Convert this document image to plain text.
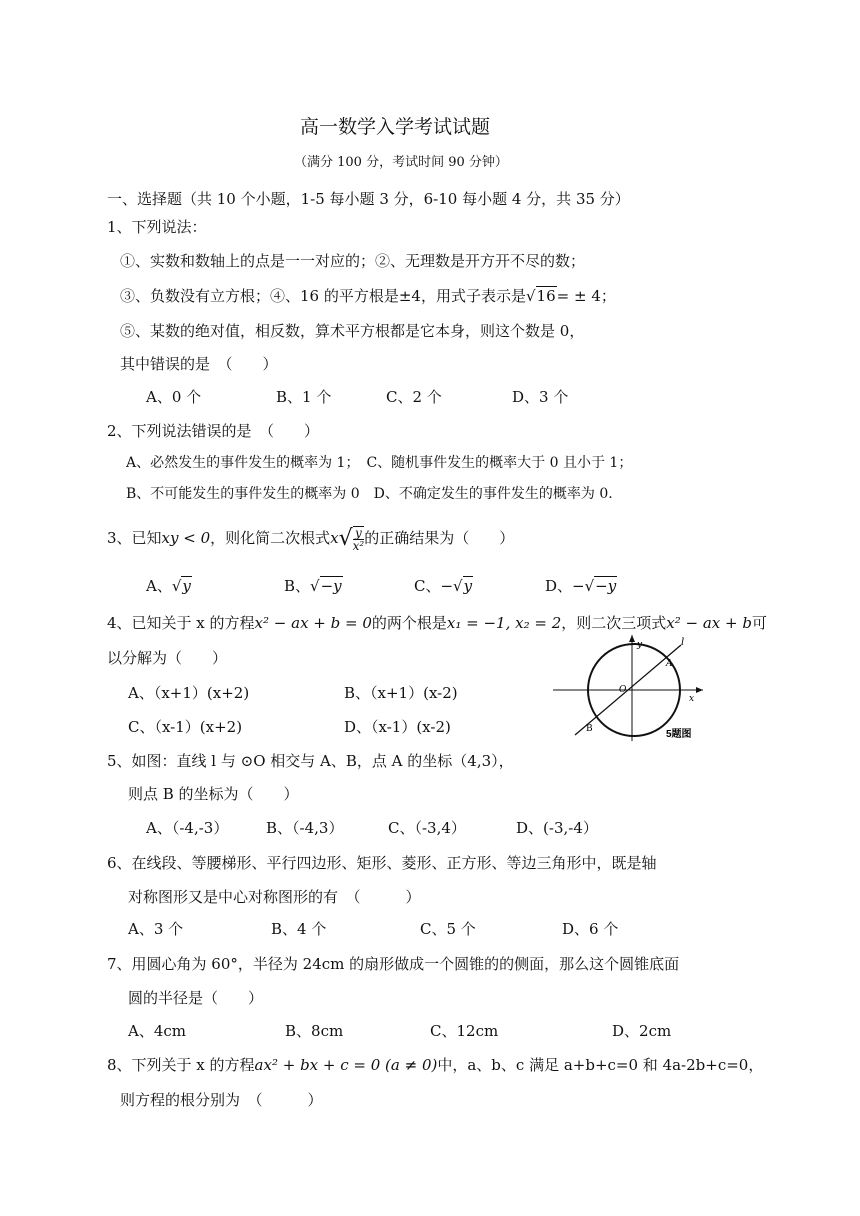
高一数学入学考试试题
（满分 100 分，考试时间 90 分钟）
一、选择题（共 10 个小题，1-5 每小题 3 分，6-10 每小题 4 分，共 35 分）
1、下列说法：
①、实数和数轴上的点是一一对应的；②、无理数是开方开不尽的数；
③、负数没有立方根；④、16 的平方根是±4，用式子表示是√16= ± 4；
⑤、某数的绝对值，相反数，算术平方根都是它本身，则这个数是 0，
其中错误的是　（　　）
A、0 个	B、1 个	C、2 个	D、3 个
2、下列说法错误的是　（　　）
A、必然发生的事件发生的概率为 1；　C、随机事件发生的概率大于 0 且小于 1；
B、不可能发生的事件发生的概率为 0　D、不确定发生的事件发生的概率为 0.
3、已知xy < 0，则化简二次根式$x√ \frac{y}{\text{x²}}$ 的正确结果为（　　）
A、√y	B、√−y	C、−√y	D、−√−y
4、已知关于 x 的方程x² − ax + b = 0的两个根是x₁ = −1, x₂ = 2，则二次三项式x² − ax + b可
以分解为（　　）
A、（x+1）(x+2)	B、（x+1）(x-2)
C、（x-1）(x+2)	D、（x-1）(x-2)
y
x
l
A
B
O
5题图
5、如图：直线 l 与 ⊙O 相交与 A、B，点 A 的坐标（4,3），
则点 B 的坐标为（　　）
A、（-4,-3）	B、（-4,3）	C、（-3,4）	D、(-3,-4）
6、在线段、等腰梯形、平行四边形、矩形、菱形、正方形、等边三角形中，既是轴
对称图形又是中心对称图形的有　（　　　）
A、3 个	B、4 个	C、5 个	D、6 个
7、用圆心角为 60°，半径为 24cm 的扇形做成一个圆锥的的侧面，那么这个圆锥底面
圆的半径是（　　）
A、4cm	B、8cm	C、12cm	D、2cm
8、下列关于 x 的方程ax² + bx + c = 0 (a ≠ 0)中，a、b、c 满足 a+b+c=0 和 4a-2b+c=0，
则方程的根分别为　（　　　）
